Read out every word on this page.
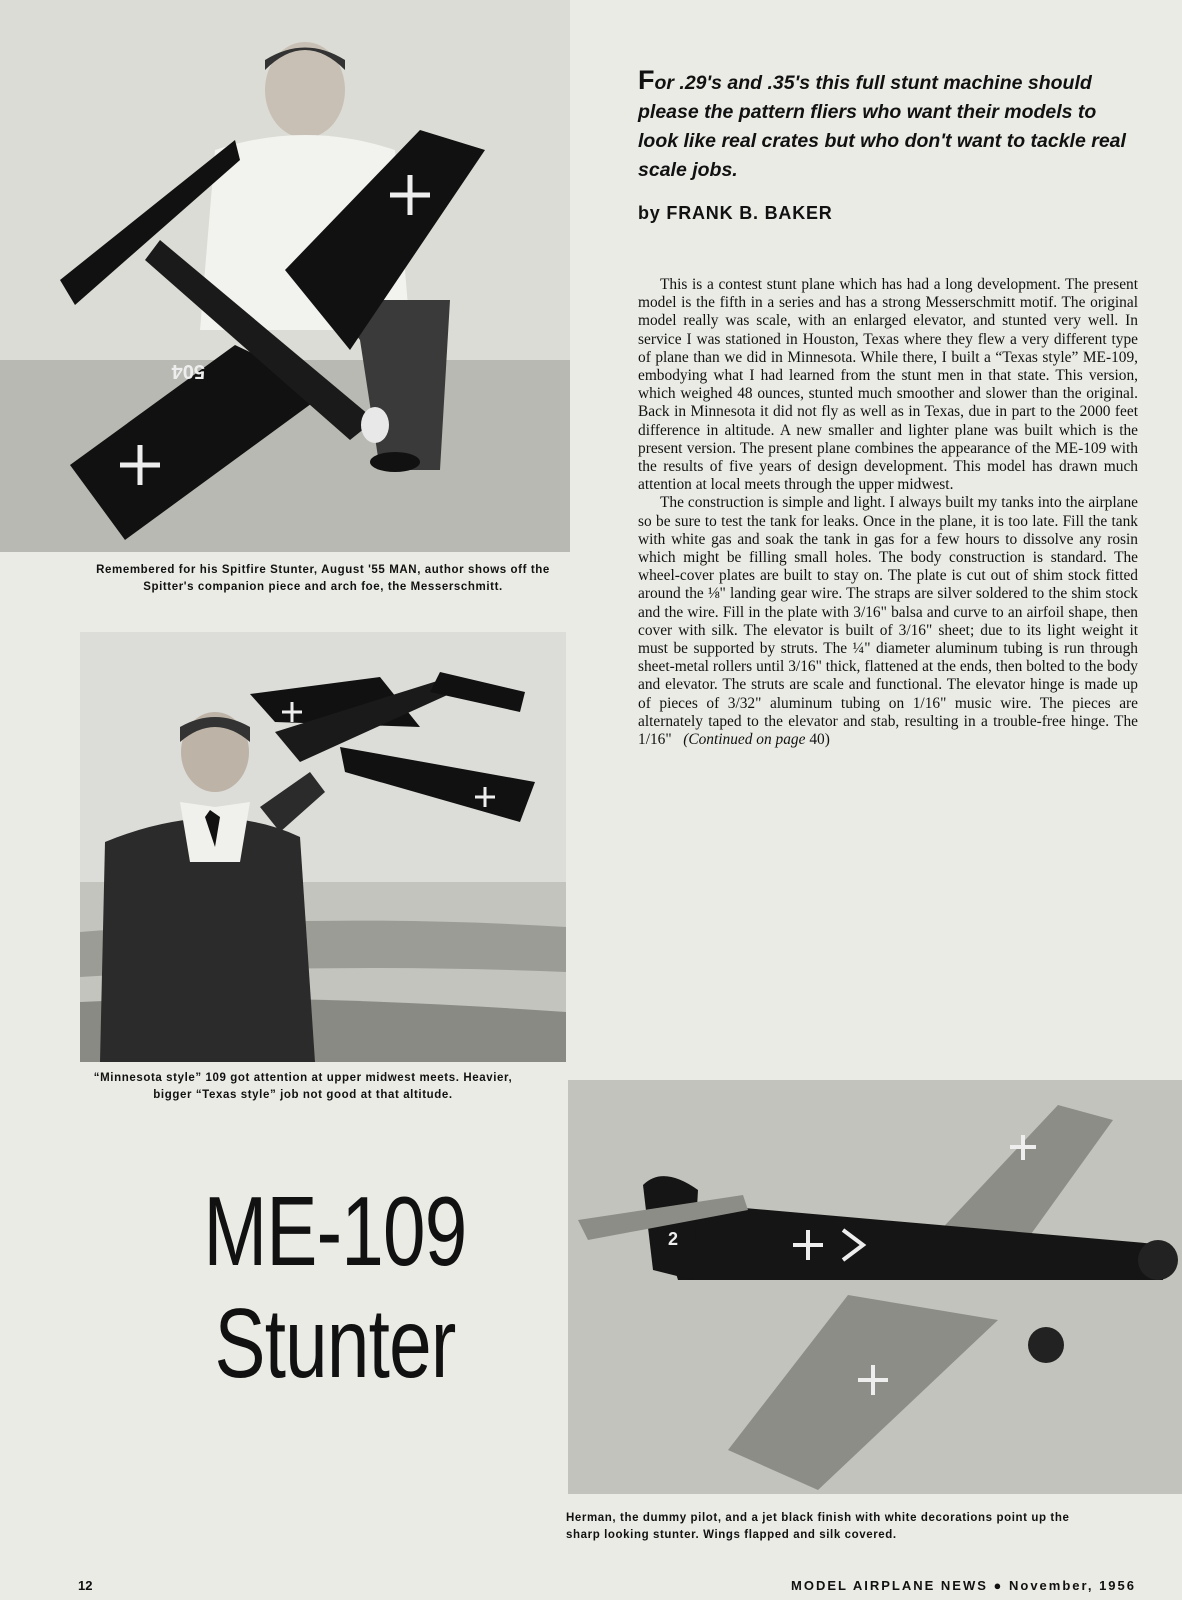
504

Remembered for his Spitfire Stunter, August '55 MAN, author shows off the Spitter's companion piece and arch foe, the Messerschmitt.

For .29's and .35's this full stunt machine should please the pattern fliers who want their models to look like real crates but who don't want to tackle real scale jobs.

by FRANK B. BAKER

This is a contest stunt plane which has had a long development. The present model is the fifth in a series and has a strong Messerschmitt motif. The original model really was scale, with an enlarged elevator, and stunted very well. In service I was stationed in Houston, Texas where they flew a very different type of plane than we did in Minnesota. While there, I built a “Texas style” ME-109, embodying what I had learned from the stunt men in that state. This version, which weighed 48 ounces, stunted much smoother and slower than the original. Back in Minnesota it did not fly as well as in Texas, due in part to the 2000 feet difference in altitude. A new smaller and lighter plane was built which is the present version. The present plane combines the appearance of the ME-109 with the results of five years of design development. This model has drawn much attention at local meets through the upper midwest.

The construction is simple and light. I always built my tanks into the airplane so be sure to test the tank for leaks. Once in the plane, it is too late. Fill the tank with white gas and soak the tank in gas for a few hours to dissolve any rosin which might be filling small holes. The body construction is standard. The wheel-cover plates are built to stay on. The plate is cut out of shim stock fitted around the ⅛" landing gear wire. The straps are silver soldered to the shim stock and the wire. Fill in the plate with 3/16" balsa and curve to an airfoil shape, then cover with silk. The elevator is built of 3/16" sheet; due to its light weight it must be supported by struts. The ¼" diameter aluminum tubing is run through sheet-metal rollers until 3/16" thick, flattened at the ends, then bolted to the body and elevator. The struts are scale and functional. The elevator hinge is made up of pieces of 3/32" aluminum tubing on 1/16" music wire. The pieces are alternately taped to the elevator and stab, resulting in a trouble-free hinge. The 1/16" (Continued on page 40)

“Minnesota style” 109 got attention at upper midwest meets. Heavier, bigger “Texas style” job not good at that altitude.

ME-109
Stunter
2

Herman, the dummy pilot, and a jet black finish with white decorations point up the sharp looking stunter. Wings flapped and silk covered.

12	MODEL AIRPLANE NEWS ● November, 1956
